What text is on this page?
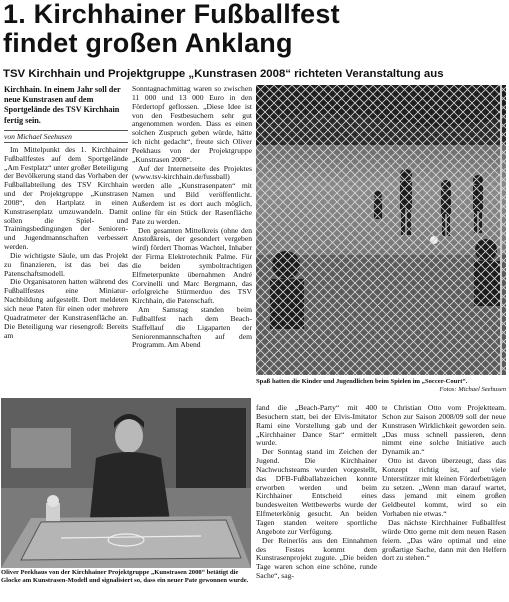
1. Kirchhainer Fußballfest
findet großen Anklang
TSV Kirchhain und Projektgruppe „Kunstrasen 2008“ richteten Veranstaltung aus
Kirchhain. In einem Jahr soll der neue Kunstrasen auf dem Sportgelände des TSV Kirchhain fertig sein.
von Michael Seehusen

Im Mittelpunkt des 1. Kirchhainer Fußballfestes auf dem Sportgelände „Am Festplatz“ unter großer Beteiligung der Bevölkerung stand das Vorhaben der Fußballabteilung des TSV Kirchhain und der Projektgruppe „Kunstrasen 2008“, den Hartplatz in einen Kunstrasenplatz umzuwandeln. Damit sollen die Spiel- und Trainingsbedingungen der Senioren- und Jugendmannschaften verbessert werden.

Die wichtigste Säule, um das Projekt zu finanzieren, ist das bei das Patenschaftsmodell.

Die Organisatoren hatten während des Fußballfestes eine Miniatur-Nachbildung aufgestellt. Dort meldeten sich neue Paten für einen oder mehrere Quadratmeter der Kunstrasenfläche an. Die Beteiligung war riesengroß: Bereits am

Sonntagnachmittag waren so zwischen 11 000 und 13 000 Euro in den Fördertopf geflossen. „Diese Idee ist von den Festbesuchern sehr gut angenommen worden. Dass es einen solchen Zuspruch geben würde, hätte ich nicht gedacht“, freute sich Oliver Peekhaus von der Projektgruppe „Kunstrasen 2008“.

Auf der Internetseite des Projektes (www.tsv-kirchhain.de/fussball) werden alle „Kunstrasenpaten“ mit Namen und Bild veröffentlicht. Außerdem ist es dort auch möglich, online für ein Stück der Rasenfläche Pate zu werden.

Den gesamten Mittelkreis (ohne den Anstoßkreis, der gesondert vergeben wird) fördert Thomas Wachtel, Inhaber der Firma Elektrotechnik Palme. Für die beiden symboltrachtigen Elfmeterpunkte übernahmen André Corvinelli und Marc Bergmann, das erfolgreiche Stürmerduo des TSV Kirchhain, die Patenschaft.

Am Samstag standen beim Fußballfest nach dem Beach-Staffellauf die Ligaparten der Seniorenmannschaften auf dem Programm. Am Abend

Spaß hatten die Kinder und Jugendlichen beim Spielen im „Soccer-Court“.
Fotos: Michael Seehusen
Oliver Peekhaus von der Kirchhainer Projektgruppe „Kunstrasen 2008“ betätigt die Glocke am Kunstrasen-Modell und signalisiert so, dass ein neuer Pate gewonnen wurde.

fand die „Beach-Party“ mit 400 Besuchern statt, bei der Elvis-Imitator Rami eine Vorstellung gab und der „Kirchhainer Dance Star“ ermittelt wurde.

Der Sonntag stand im Zeichen der Jugend. Die Kirchhainer Nachwuchsteams wurden vorgestellt, das DFB-Fußballabzeichen konnte erworben werden und beim Kirchhainer Entscheid eines bundesweiten Wettbewerbs wurde der Elfmeterkönig gesucht. An beiden Tagen standen weitere sportliche Angebote zur Verfügung.

Der Reinerlös aus den Einnahmen des Festes kommt dem Kunstrasenprojekt zugute. „Die beiden Tage waren schon eine schöne, runde Sache“, sag-

te Christian Otto vom Projektteam. Schon zur Saison 2008/09 soll der neue Kunstrasen Wirklichkeit geworden sein. „Das muss schnell passieren, denn nimmt eine solche Initiative auch Dynamik an.“

Otto ist davon überzeugt, dass das Konzept richtig ist, auf viele Unterstützer mit kleinen Förderbeträgen zu setzen. „Wenn man darauf wartet, dass jemand mit einem großen Geldbeutel kommt, wird so ein Vorhaben nie etwas.“

Das nächste Kirchhainer Fußballfest würde Otto gerne mit dem neuen Rasen feiern. „Das wäre optimal und eine großartige Sache, dann mit den Helfern dort zu stehen.“
